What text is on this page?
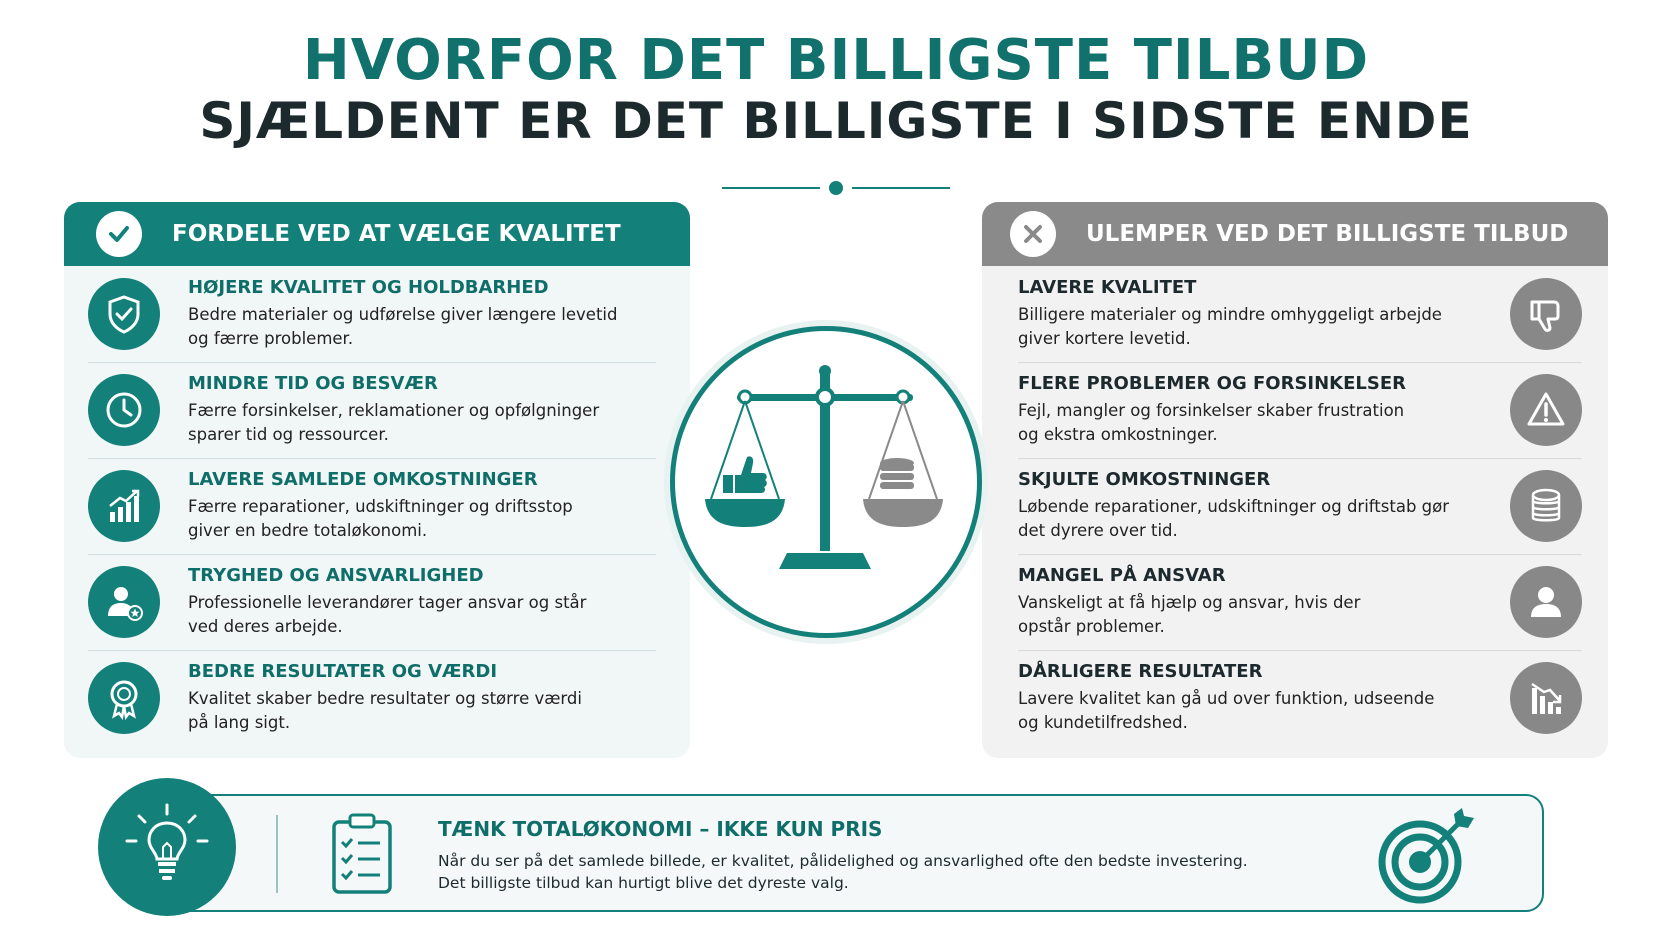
HVORFOR DET BILLIGSTE TILBUD
SJÆLDENT ER DET BILLIGSTE I SIDSTE ENDE
FORDELE VED AT VÆLGE KVALITET
HØJERE KVALITET OG HOLDBARHED
Bedre materialer og udførelse giver længere levetid
og færre problemer.
MINDRE TID OG BESVÆR
Færre forsinkelser, reklamationer og opfølgninger
sparer tid og ressourcer.
LAVERE SAMLEDE OMKOSTNINGER
Færre reparationer, udskiftninger og driftsstop
giver en bedre totaløkonomi.
TRYGHED OG ANSVARLIGHED
Professionelle leverandører tager ansvar og står
ved deres arbejde.
BEDRE RESULTATER OG VÆRDI
Kvalitet skaber bedre resultater og større værdi
på lang sigt.
ULEMPER VED DET BILLIGSTE TILBUD
LAVERE KVALITET
Billigere materialer og mindre omhyggeligt arbejde
giver kortere levetid.
FLERE PROBLEMER OG FORSINKELSER
Fejl, mangler og forsinkelser skaber frustration
og ekstra omkostninger.
SKJULTE OMKOSTNINGER
Løbende reparationer, udskiftninger og driftstab gør
det dyrere over tid.
MANGEL PÅ ANSVAR
Vanskeligt at få hjælp og ansvar, hvis der
opstår problemer.
DÅRLIGERE RESULTATER
Lavere kvalitet kan gå ud over funktion, udseende
og kundetilfredshed.
TÆNK TOTALØKONOMI – IKKE KUN PRIS
Når du ser på det samlede billede, er kvalitet, pålidelighed og ansvarlighed ofte den bedste investering.
Det billigste tilbud kan hurtigt blive det dyreste valg.
